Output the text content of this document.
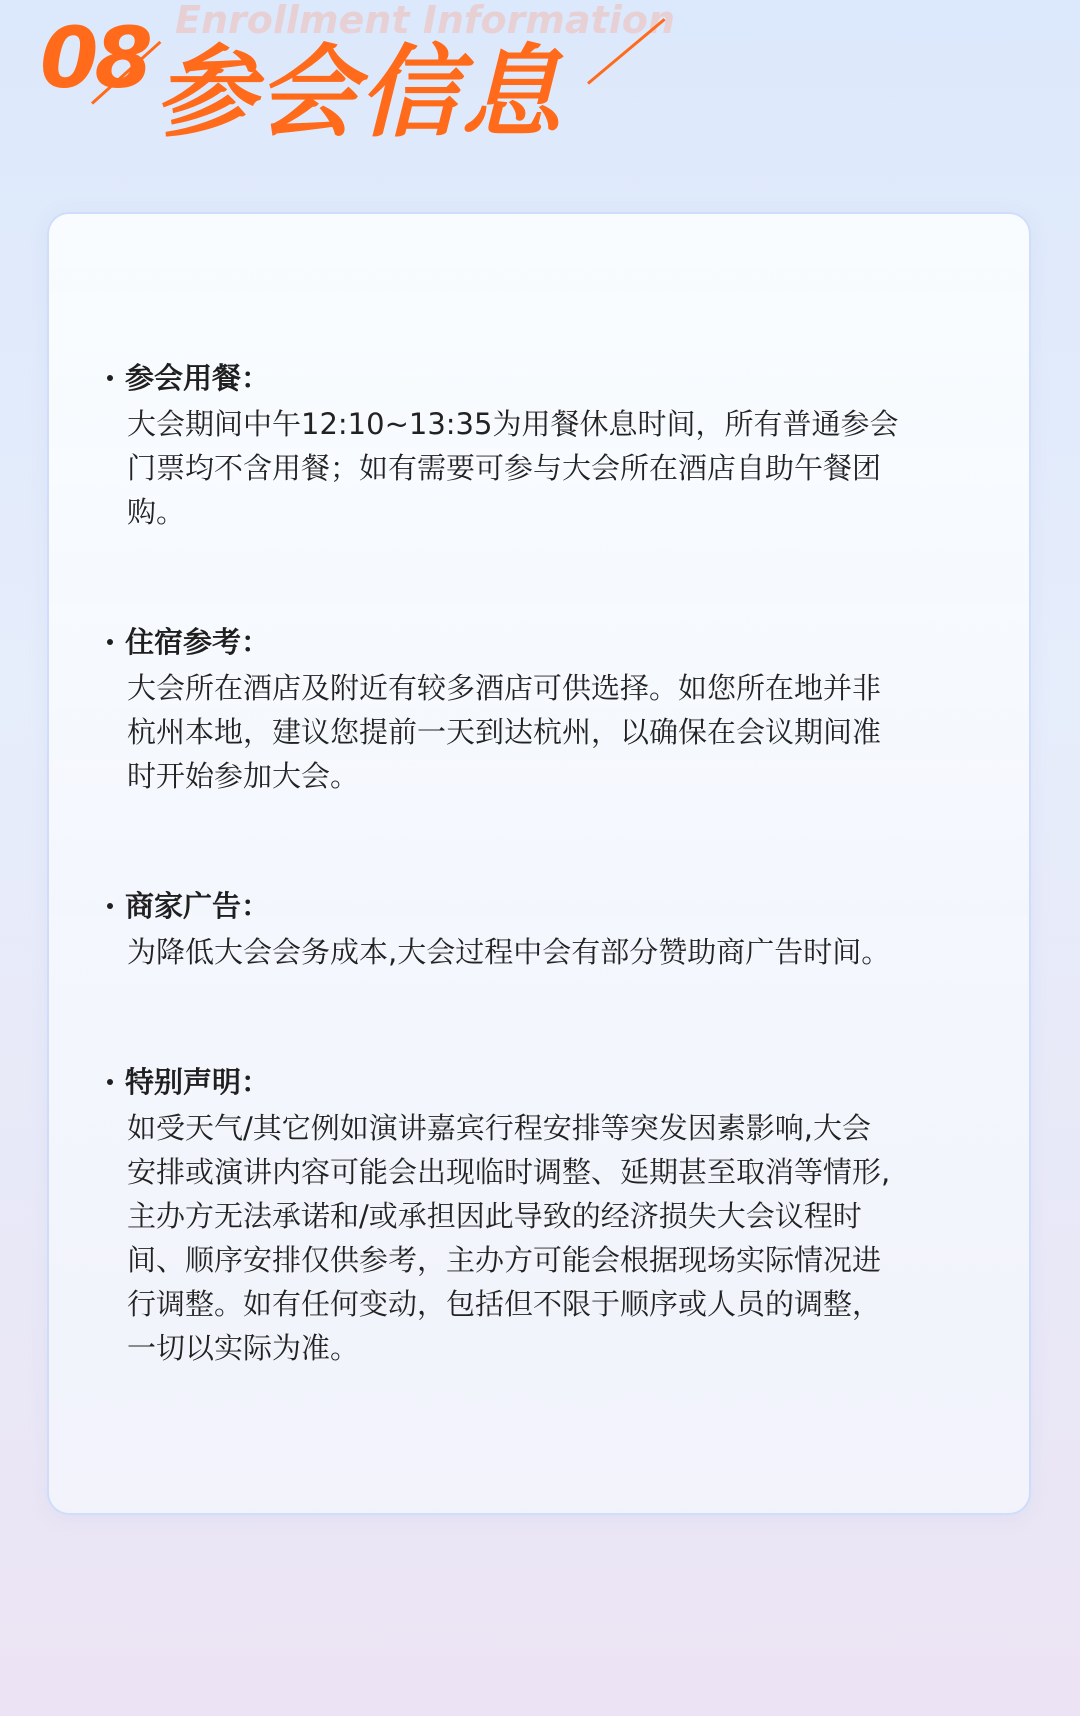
Enrollment Information
08 参会信息
参会用餐：
大会期间中午12:10~13:35为用餐休息时间，所有普通参会
门票均不含用餐；如有需要可参与大会所在酒店自助午餐团
购。
住宿参考：
大会所在酒店及附近有较多酒店可供选择。如您所在地并非
杭州本地，建议您提前一天到达杭州，以确保在会议期间准
时开始参加大会。
商家广告：
为降低大会会务成本,大会过程中会有部分赞助商广告时间。
特别声明：
如受天气/其它例如演讲嘉宾行程安排等突发因素影响,大会
安排或演讲内容可能会出现临时调整、延期甚至取消等情形,
主办方无法承诺和/或承担因此导致的经济损失大会议程时
间、顺序安排仅供参考，主办方可能会根据现场实际情况进
行调整。如有任何变动，包括但不限于顺序或人员的调整，
一切以实际为准。
